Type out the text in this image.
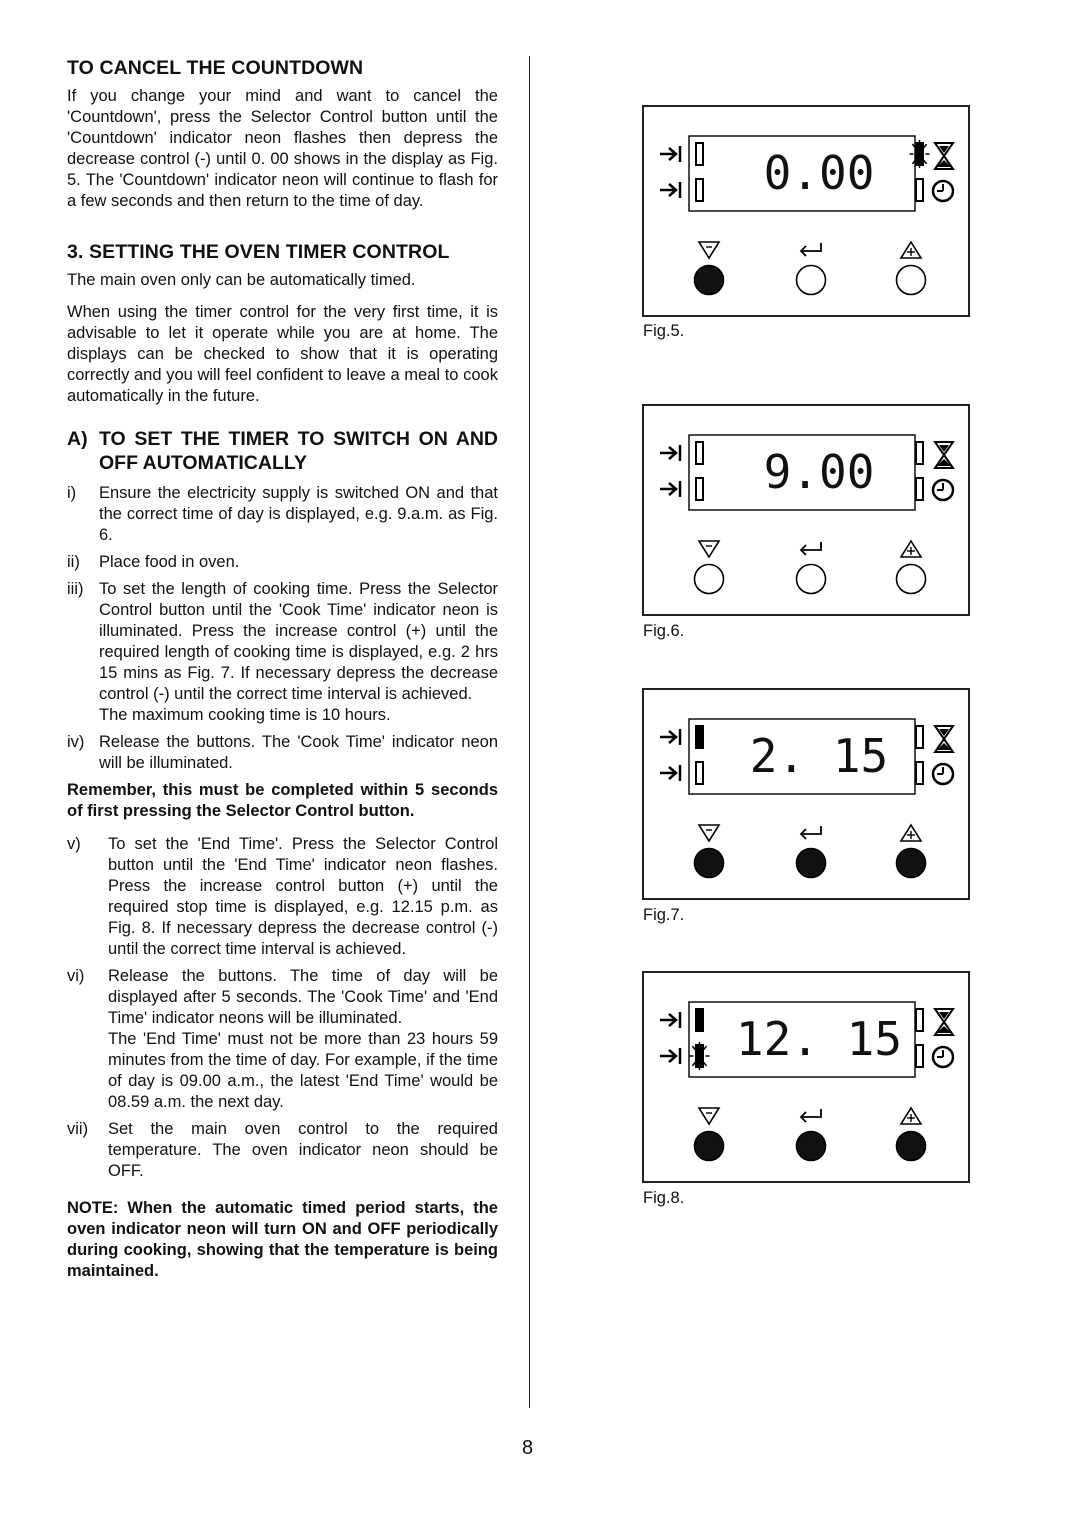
TO CANCEL THE COUNTDOWN

If you change your mind and want to cancel the 'Countdown', press the Selector Control button until the 'Countdown' indicator neon flashes then depress the decrease control (-) until 0. 00 shows in the display as Fig. 5. The 'Countdown' indicator neon will continue to flash for a few seconds and then return to the time of day.

3. SETTING THE OVEN TIMER CONTROL

The main oven only can be automatically timed.

When using the timer control for the very first time, it is advisable to let it operate while you are at home. The displays can be checked to show that it is operating correctly and you will feel confident to leave a meal to cook automatically in the future.

A) TO SET THE TIMER TO SWITCH ON AND OFF AUTOMATICALLY
i)	Ensure the electricity supply is switched ON and that the correct time of day is displayed, e.g. 9.a.m. as Fig. 6.
ii)	Place food in oven.
iii) To set the length of cooking time. Press the Selector Control button until the 'Cook Time' indicator neon is illuminated. Press the increase control (+) until the required length of cooking time is displayed, e.g. 2 hrs 15 mins as Fig. 7. If necessary depress the decrease control (-) until the correct time interval is achieved.
The maximum cooking time is 10 hours.
iv) Release the buttons. The 'Cook Time' indicator neon will be illuminated.

Remember, this must be completed within 5 seconds of first pressing the Selector Control button.

v)	To set the 'End Time'. Press the Selector Control button until the 'End Time' indicator neon flashes. Press the increase control button (+) until the required stop time is displayed, e.g. 12.15 p.m. as Fig. 8. If necessary depress the decrease control (-) until the correct time interval is achieved.
vi)	Release the buttons. The time of day will be displayed after 5 seconds. The 'Cook Time' and 'End Time' indicator neons will be illuminated.
The 'End Time' must not be more than 23 hours 59 minutes from the time of day. For example, if the time of day is 09.00 a.m., the latest 'End Time' would be 08.59 a.m. the next day.
vii)	Set the main oven control to the required temperature. The oven indicator neon should be OFF.

NOTE: When the automatic timed period starts, the oven indicator neon will turn ON and OFF periodically during cooking, showing that the temperature is being maintained.

0.00
Fig.5.
9.00
Fig.6.
2. 15
Fig.7.
12. 15
Fig.8.
8
